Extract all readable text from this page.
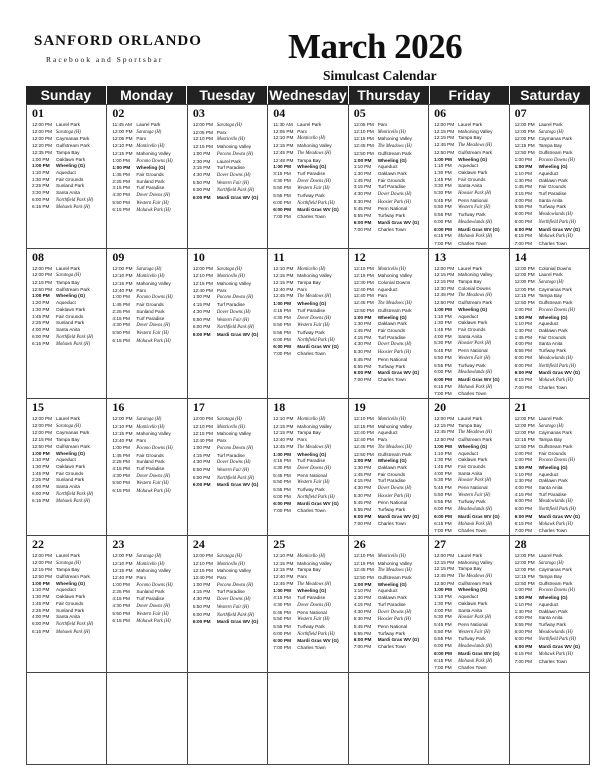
SANFORD ORLANDO
Racebook and Sportsbar	March 2026
Simulcast Calendar
Sunday	Monday	Tuesday	Wednesday Thursday	Friday	Saturday
01
12:00 PM Laurel Park
12:00 PM Saratoga (H)
12:00 PM Caymanas Park
12:20 PM Gulfstream Park
12:35 PM Tampa Bay
1:00 PM Oaklawn Park
1:00 PM Wheeling (G)
1:10 PM Aqueduct
1:30 PM Fair Grounds
2:25 PM Sunland Park
3:30 PM Santa Anita
6:00 PM Northfield Park (H)
6:15 PM Mohawk Park (H)
02
11:45 AM Laurel Park
12:00 PM Saratoga (H)
12:05 PM Parx
12:10 PM Monticello (H)
12:15 PM Mahoning Valley
1:00 PM Pocono Downs (H)
1:00 PM Wheeling (G)
1:45 PM Fair Grounds
2:25 PM Sunland Park
3:15 PM Turf Paradise
4:30 PM Dover Downs (H)
5:50 PM Western Fair (H)
6:15 PM Mohawk Park (H)
03
12:00 PM Saratoga (H)
12:05 PM Parx
12:10 PM Monticello (H)
12:15 PM Mahoning Valley
1:00 PM Pocono Downs (H)
2:30 PM Laurel Park
3:15 PM Turf Paradise
4:30 PM Dover Downs (H)
5:50 PM Western Fair (H)
6:00 PM Northfield Park (H)
6:00 PM Mardi Gras WV (G)
04
11:30 AM Laurel Park
12:05 PM Parx
12:10 PM Monticello (H)
12:15 PM Mahoning Valley
12:45 PM The Meadows (H)
12:48 PM Tampa Bay
1:00 PM Wheeling (G)
3:15 PM Turf Paradise
4:30 PM Dover Downs (H)
5:50 PM Western Fair (H)
5:55 PM Turfway Park
6:00 PM Northfield Park (H)
6:00 PM Mardi Gras WV (G)
7:00 PM Charles Town
05
12:05 PM Parx
12:10 PM Monticello (H)
12:15 PM Mahoning Valley
12:45 PM The Meadows (H)
12:50 PM Gulfstream Park
1:00 PM Wheeling (G)
1:10 PM Aqueduct
1:30 PM Oaklawn Park
1:45 PM Fair Grounds
3:15 PM Turf Paradise
4:30 PM Dover Downs (H)
5:30 PM Hoosier Park (H)
5:45 PM Penn National
5:55 PM Turfway Park
6:00 PM Mardi Gras WV (G)
7:00 PM Charles Town
06
12:00 PM Laurel Park
12:15 PM Mahoning Valley
12:15 PM Tampa Bay
12:45 PM The Meadows (H)
12:50 PM Gulfstream Park
1:00 PM Wheeling (G)
1:10 PM Aqueduct
1:30 PM Oaklawn Park
1:45 PM Fair Grounds
3:30 PM Santa Anita
5:30 PM Hoosier Park (H)
5:45 PM Penn National
5:50 PM Western Fair (H)
5:55 PM Turfway Park
6:00 PM Meadowlands (H)
6:00 PM Mardi Gras WV (G)
6:15 PM Mohawk Park (H)
7:00 PM Charles Town
07
12:00 PM Laurel Park
12:00 PM Saratoga (H)
12:00 PM Caymanas Park
12:15 PM Tampa Bay
12:50 PM Gulfstream Park
1:00 PM Pocono Downs (H)
1:00 PM Wheeling (G)
1:10 PM Aqueduct
1:30 PM Oaklawn Park
1:45 PM Fair Grounds
3:15 PM Turf Paradise
4:00 PM Santa Anita
5:55 PM Turfway Park
6:00 PM Meadowlands (H)
6:00 PM Northfield Park (H)
6:00 PM Mardi Gras WV (G)
6:15 PM Mohawk Park (H)
7:00 PM Charles Town
08
12:00 PM Laurel Park
12:00 PM Saratoga (H)
12:15 PM Tampa Bay
12:50 PM Gulfstream Park
1:00 PM Wheeling (G)
1:20 PM Aqueduct
1:30 PM Oaklawn Park
1:45 PM Fair Grounds
2:25 PM Sunland Park
4:00 PM Santa Anita
6:00 PM Northfield Park (H)
6:15 PM Mohawk Park (H)
09
12:00 PM Saratoga (H)
12:10 PM Monticello (H)
12:15 PM Mahoning Valley
12:40 PM Parx
1:00 PM Pocono Downs (H)
1:45 PM Fair Grounds
2:25 PM Sunland Park
4:15 PM Turf Paradise
4:30 PM Dover Downs (H)
5:50 PM Western Fair (H)
6:15 PM Mohawk Park (H)
10
12:00 PM Saratoga (H)
12:10 PM Monticello (H)
12:15 PM Mahoning Valley
12:40 PM Parx
1:00 PM Pocono Downs (H)
4:15 PM Turf Paradise
4:30 PM Dover Downs (H)
5:50 PM Western Fair (H)
6:00 PM Northfield Park (H)
6:00 PM Mardi Gras WV (G)
11
12:10 PM Monticello (H)
12:15 PM Mahoning Valley
12:15 PM Tampa Bay
12:40 PM Parx
12:45 PM The Meadows (H)
1:00 PM Wheeling (G)
4:15 PM Turf Paradise
4:30 PM Dover Downs (H)
5:50 PM Western Fair (H)
5:55 PM Turfway Park
6:00 PM Northfield Park (H)
6:00 PM Mardi Gras WV (G)
7:00 PM Charles Town
12
12:10 PM Monticello (H)
12:15 PM Mahoning Valley
12:30 PM Colonial Downs
12:40 PM Aqueduct
12:40 PM Parx
12:45 PM The Meadows (H)
12:50 PM Gulfstream Park
1:00 PM Wheeling (G)
1:30 PM Oaklawn Park
1:45 PM Fair Grounds
4:15 PM Turf Paradise
4:30 PM Dover Downs (H)
5:30 PM Hoosier Park (H)
5:45 PM Penn National
5:55 PM Turfway Park
6:00 PM Mardi Gras WV (G)
7:00 PM Charles Town
13
12:00 PM Laurel Park
12:15 PM Mahoning Valley
12:15 PM Tampa Bay
12:30 PM Colonial Downs
12:45 PM The Meadows (H)
12:50 PM Gulfstream Park
1:00 PM Wheeling (G)
1:10 PM Aqueduct
1:30 PM Oaklawn Park
1:45 PM Fair Grounds
4:00 PM Santa Anita
5:30 PM Hoosier Park (H)
5:45 PM Penn National
5:50 PM Western Fair (H)
5:55 PM Turfway Park
6:00 PM Meadowlands (H)
6:00 PM Mardi Gras WV (G)
6:15 PM Mohawk Park (H)
7:00 PM Charles Town
14
12:00 PM Colonial Downs
12:00 PM Laurel Park
12:00 PM Saratoga (H)
12:00 PM Caymanas Park
12:15 PM Tampa Bay
12:50 PM Gulfstream Park
1:00 PM Pocono Downs (H)
1:00 PM Wheeling (G)
1:10 PM Aqueduct
1:30 PM Oaklawn Park
1:45 PM Fair Grounds
4:00 PM Santa Anita
5:55 PM Turfway Park
6:00 PM Meadowlands (H)
6:00 PM Northfield Park (H)
6:00 PM Mardi Gras WV (G)
6:15 PM Mohawk Park (H)
7:00 PM Charles Town
15
12:00 PM Laurel Park
12:00 PM Saratoga (H)
12:00 PM Caymanas Park
12:15 PM Tampa Bay
12:50 PM Gulfstream Park
1:00 PM Wheeling (G)
1:10 PM Aqueduct
1:30 PM Oaklawn Park
1:45 PM Fair Grounds
2:25 PM Sunland Park
4:00 PM Santa Anita
6:00 PM Northfield Park (H)
6:15 PM Mohawk Park (H)
16
12:00 PM Saratoga (H)
12:10 PM Monticello (H)
12:15 PM Mahoning Valley
12:40 PM Parx
1:00 PM Pocono Downs (H)
1:45 PM Fair Grounds
2:25 PM Sunland Park
4:15 PM Turf Paradise
4:30 PM Dover Downs (H)
5:50 PM Western Fair (H)
6:15 PM Mohawk Park (H)
17
12:00 PM Saratoga (H)
12:10 PM Monticello (H)
12:15 PM Mahoning Valley
12:40 PM Parx
1:00 PM Pocono Downs (H)
4:15 PM Turf Paradise
4:30 PM Dover Downs (H)
5:50 PM Western Fair (H)
6:00 PM Northfield Park (H)
6:00 PM Mardi Gras WV (G)
18
12:10 PM Monticello (H)
12:15 PM Mahoning Valley
12:15 PM Tampa Bay
12:40 PM Parx
12:45 PM The Meadows (H)
1:00 PM Wheeling (G)
4:15 PM Turf Paradise
4:30 PM Dover Downs (H)
5:45 PM Penn National
5:50 PM Western Fair (H)
5:55 PM Turfway Park
6:00 PM Northfield Park (H)
6:00 PM Mardi Gras WV (G)
7:00 PM Charles Town
19
12:10 PM Monticello (H)
12:15 PM Mahoning Valley
12:40 PM Aqueduct
12:40 PM Parx
12:45 PM The Meadows (H)
12:50 PM Gulfstream Park
1:00 PM Wheeling (G)
1:30 PM Oaklawn Park
1:45 PM Fair Grounds
4:15 PM Turf Paradise
4:30 PM Dover Downs (H)
5:30 PM Hoosier Park (H)
5:45 PM Penn National
5:55 PM Turfway Park
6:00 PM Mardi Gras WV (G)
7:00 PM Charles Town
20
12:00 PM Laurel Park
12:15 PM Tampa Bay
12:45 PM The Meadows (H)
12:50 PM Gulfstream Park
1:00 PM Wheeling (G)
1:10 PM Aqueduct
1:30 PM Oaklawn Park
1:45 PM Fair Grounds
4:00 PM Santa Anita
5:30 PM Hoosier Park (H)
5:45 PM Penn National
5:50 PM Western Fair (H)
5:55 PM Turfway Park
6:00 PM Meadowlands (H)
6:00 PM Mardi Gras WV (G)
6:15 PM Mohawk Park (H)
7:00 PM Charles Town
21
12:00 PM Laurel Park
12:00 PM Saratoga (H)
12:00 PM Caymanas Park
12:15 PM Tampa Bay
12:50 PM Gulfstream Park
1:00 PM Fair Grounds
1:00 PM Pocono Downs (H)
1:00 PM Wheeling (G)
1:10 PM Aqueduct
1:30 PM Oaklawn Park
4:00 PM Santa Anita
4:15 PM Turf Paradise
6:00 PM Meadowlands (H)
6:00 PM Northfield Park (H)
6:00 PM Mardi Gras WV (G)
6:15 PM Mohawk Park (H)
7:00 PM Charles Town
22
12:00 PM Laurel Park
12:00 PM Saratoga (H)
12:15 PM Tampa Bay
12:50 PM Gulfstream Park
1:00 PM Wheeling (G)
1:10 PM Aqueduct
1:30 PM Oaklawn Park
1:45 PM Fair Grounds
2:25 PM Sunland Park
4:00 PM Santa Anita
6:00 PM Northfield Park (H)
6:15 PM Mohawk Park (H)
23
12:00 PM Saratoga (H)
12:10 PM Monticello (H)
12:15 PM Mahoning Valley
12:40 PM Parx
1:00 PM Pocono Downs (H)
2:25 PM Sunland Park
4:15 PM Turf Paradise
4:30 PM Dover Downs (H)
5:50 PM Western Fair (H)
6:15 PM Mohawk Park (H)
24
12:00 PM Saratoga (H)
12:10 PM Monticello (H)
12:15 PM Mahoning Valley
12:40 PM Parx
1:00 PM Pocono Downs (H)
4:15 PM Turf Paradise
4:30 PM Dover Downs (H)
5:50 PM Western Fair (H)
6:00 PM Northfield Park (H)
6:00 PM Mardi Gras WV (G)
25
12:10 PM Monticello (H)
12:15 PM Mahoning Valley
12:15 PM Tampa Bay
12:40 PM Parx
12:45 PM The Meadows (H)
1:00 PM Wheeling (G)
4:15 PM Turf Paradise
4:30 PM Dover Downs (H)
5:45 PM Penn National
5:50 PM Western Fair (H)
5:55 PM Turfway Park
6:00 PM Northfield Park (H)
6:00 PM Mardi Gras WV (G)
7:00 PM Charles Town
26
12:10 PM Monticello (H)
12:15 PM Mahoning Valley
12:45 PM The Meadows (H)
12:50 PM Gulfstream Park
1:00 PM Wheeling (G)
1:10 PM Aqueduct
1:30 PM Oaklawn Park
4:15 PM Turf Paradise
4:30 PM Dover Downs (H)
5:30 PM Hoosier Park (H)
5:45 PM Penn National
5:55 PM Turfway Park
6:00 PM Mardi Gras WV (G)
7:00 PM Charles Town
27
12:00 PM Laurel Park
12:15 PM Mahoning Valley
12:15 PM Tampa Bay
12:45 PM The Meadows (H)
12:50 PM Gulfstream Park
1:00 PM Wheeling (G)
1:10 PM Aqueduct
1:30 PM Oaklawn Park
4:00 PM Santa Anita
5:30 PM Hoosier Park (H)
5:45 PM Penn National
5:50 PM Western Fair (H)
5:55 PM Turfway Park
6:00 PM Meadowlands (H)
6:00 PM Mardi Gras WV (G)
6:15 PM Mohawk Park (H)
7:00 PM Charles Town
28
12:00 PM Laurel Park
12:00 PM Saratoga (H)
12:00 PM Caymanas Park
12:15 PM Tampa Bay
12:50 PM Gulfstream Park
1:00 PM Pocono Downs (H)
1:00 PM Wheeling (G)
1:10 PM Aqueduct
1:30 PM Oaklawn Park
4:00 PM Santa Anita
5:55 PM Turfway Park
6:00 PM Meadowlands (H)
6:00 PM Northfield Park (H)
6:00 PM Mardi Gras WV (G)
6:15 PM Mohawk Park (H)
7:00 PM Charles Town
